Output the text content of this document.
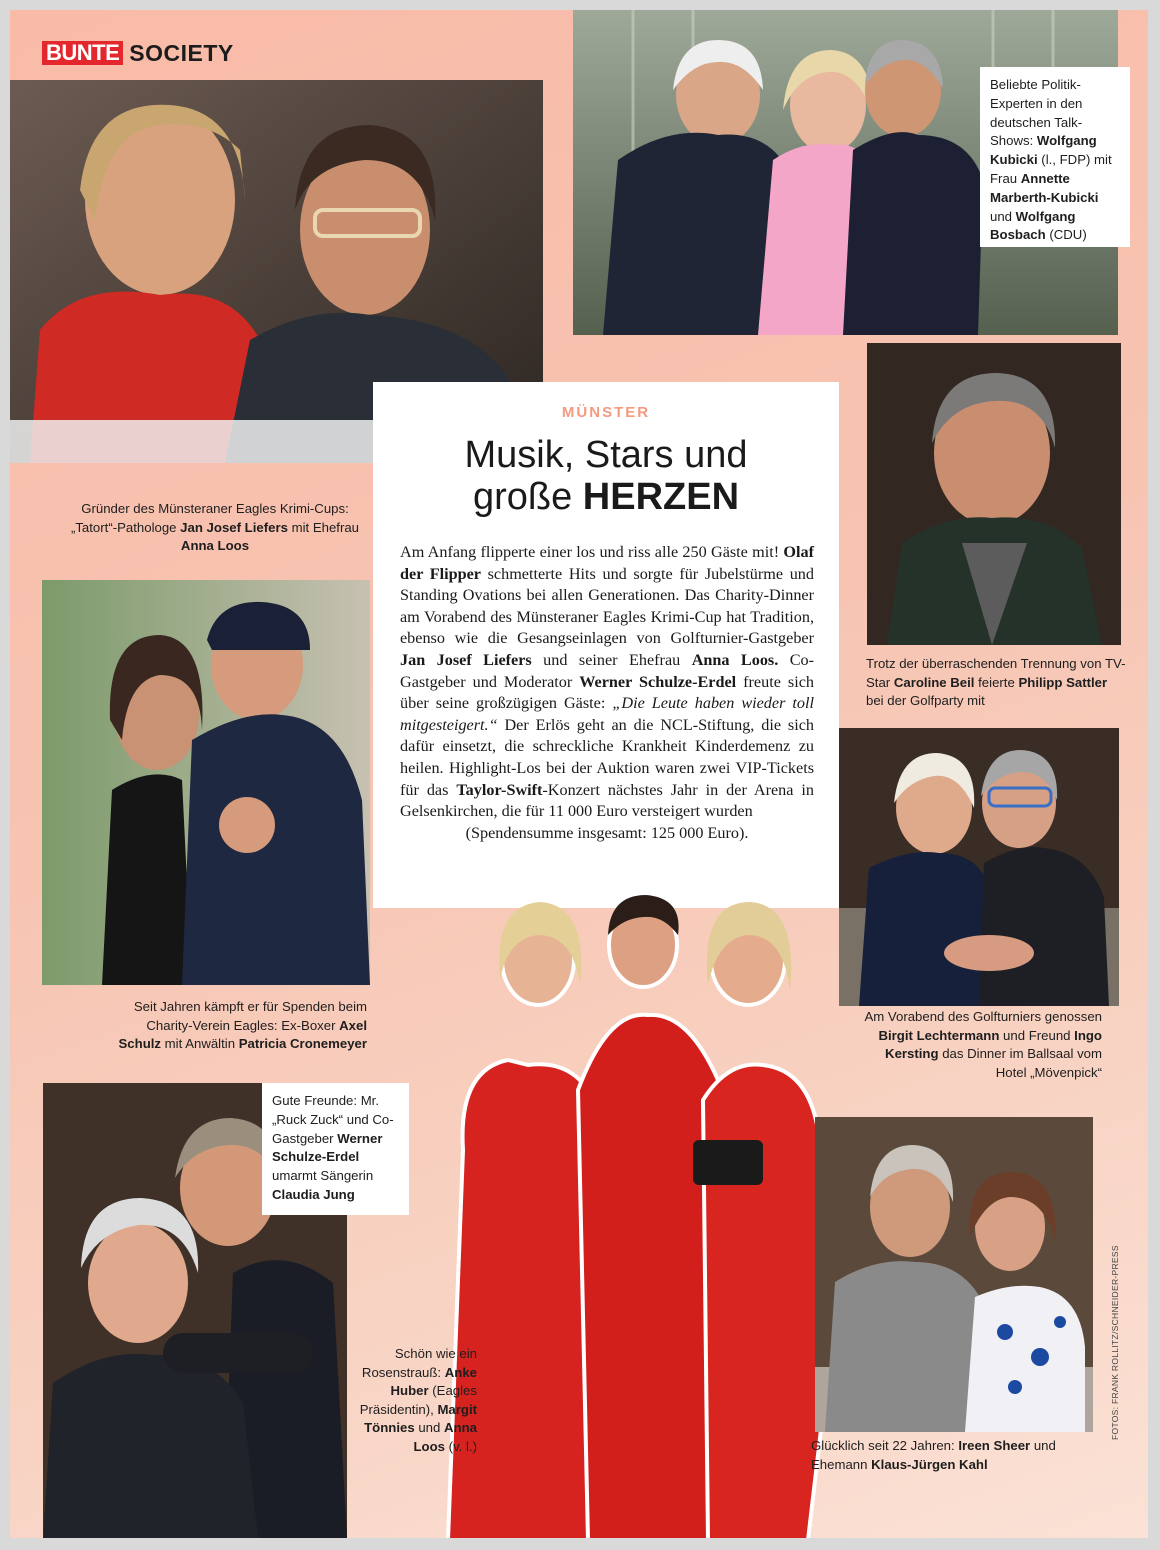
BUNTE SOCIETY
Gründer des Münsteraner Eagles Krimi-Cups: „Tatort“-Pathologe Jan Josef Liefers mit Ehefrau Anna Loos
Beliebte Politik-Experten in den deutschen Talk-Shows: Wolfgang Kubicki (l., FDP) mit Frau Annette Marberth-Kubicki und Wolfgang Bosbach (CDU)
Trotz der überraschenden Trennung von TV-Star Caroline Beil feierte Philipp Sattler bei der Golfparty mit
Seit Jahren kämpft er für Spenden beim Charity-Verein Eagles: Ex-Boxer Axel Schulz mit Anwältin Patricia Cronemeyer
MÜNSTER
Musik, Stars und
große HERZEN
Am Anfang flipperte einer los und riss alle 250 Gäste mit! Olaf der Flipper schmetterte Hits und sorgte für Jubelstürme und Standing Ovations bei allen Generationen. Das Charity-Dinner am Vorabend des Münsteraner Eagles Krimi-Cup hat Tradition, ebenso wie die Gesangseinlagen von Golfturnier-Gastgeber Jan Josef Liefers und seiner Ehefrau Anna Loos. Co-Gastgeber und Moderator Werner Schulze-Erdel freute sich über seine großzügigen Gäste: „Die Leute haben wieder toll mitgesteigert.“ Der Erlös geht an die NCL-Stiftung, die sich dafür einsetzt, die schreckliche Krankheit Kinderdemenz zu heilen. Highlight-Los bei der Auktion waren zwei VIP-Tickets für das Taylor-Swift-Konzert nächstes Jahr in der Arena in Gelsenkirchen, die für 11 000 Euro versteigert wurden
(Spendensumme insgesamt: 125 000 Euro).
Am Vorabend des Golfturniers genossen Birgit Lechtermann und Freund Ingo Kersting das Dinner im Ballsaal vom Hotel „Mövenpick“
Gute Freunde: Mr. „Ruck Zuck“ und Co-Gastgeber Werner Schulze-Erdel umarmt Sängerin Claudia Jung
Schön wie ein Rosenstrauß: Anke Huber (Eagles Präsidentin), Margit Tönnies und Anna Loos (v. l.)	Glücklich seit 22 Jahren: Ireen Sheer und Ehemann Klaus-Jürgen Kahl
FOTOS: FRANK ROLLITZ/SCHNEIDER-PRESS
